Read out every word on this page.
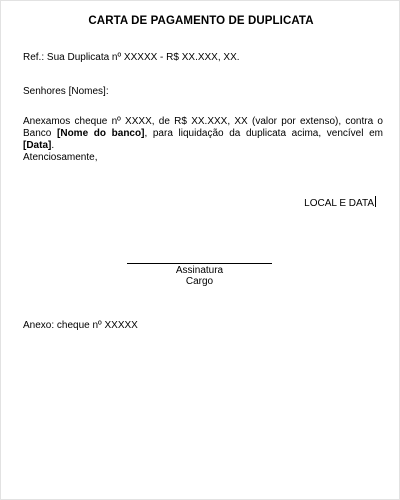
CARTA DE PAGAMENTO DE DUPLICATA
Ref.: Sua Duplicata nº XXXXX - R$ XX.XXX, XX.
Senhores [Nomes]:
Anexamos cheque nº XXXX, de R$ XX.XXX, XX (valor por extenso), contra o Banco [Nome do banco], para liquidação da duplicata acima, vencível em [Data].
Atenciosamente,
LOCAL E DATA
Assinatura
Cargo
Anexo: cheque nº XXXXX
